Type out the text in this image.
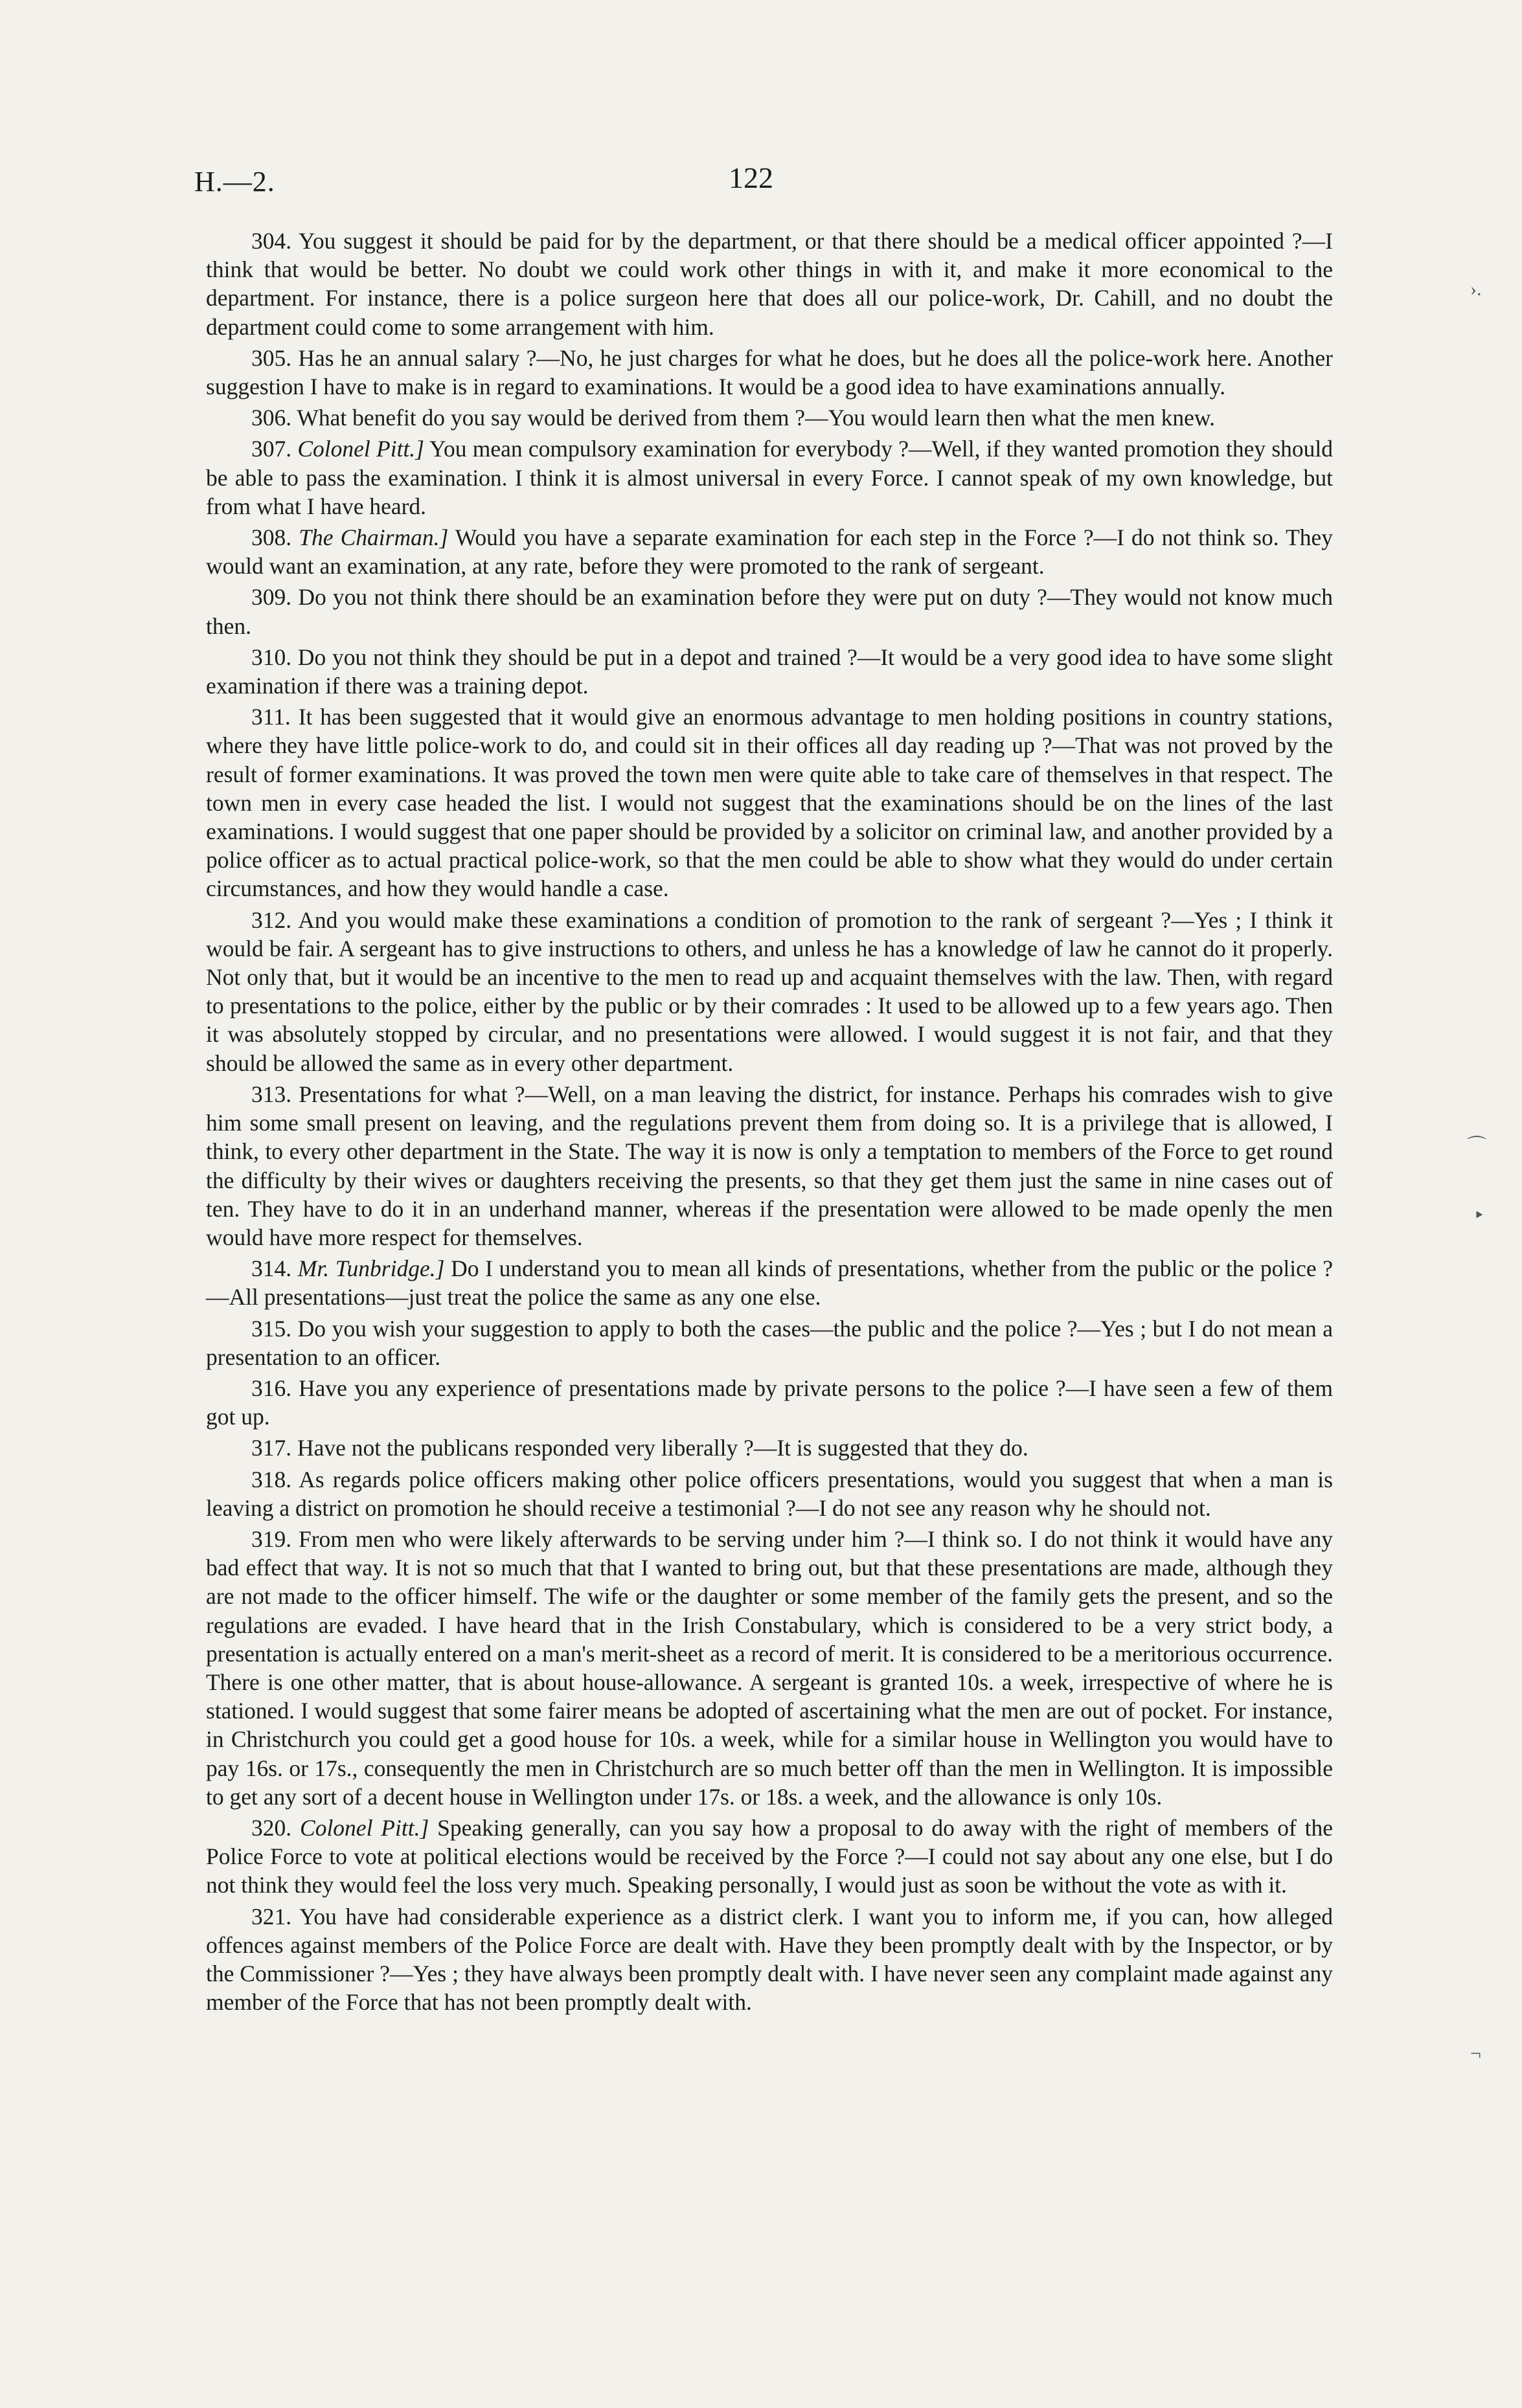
H.—2.	122

304. You suggest it should be paid for by the department, or that there should be a medical officer appointed ?—I think that would be better. No doubt we could work other things in with it, and make it more economical to the department. For instance, there is a police surgeon here that does all our police-work, Dr. Cahill, and no doubt the department could come to some arrangement with him.

305. Has he an annual salary ?—No, he just charges for what he does, but he does all the police-work here. Another suggestion I have to make is in regard to examinations. It would be a good idea to have examinations annually.

306. What benefit do you say would be derived from them ?—You would learn then what the men knew.

307. Colonel Pitt.] You mean compulsory examination for everybody ?—Well, if they wanted promotion they should be able to pass the examination. I think it is almost universal in every Force. I cannot speak of my own knowledge, but from what I have heard.

308. The Chairman.] Would you have a separate examination for each step in the Force ?—I do not think so. They would want an examination, at any rate, before they were promoted to the rank of sergeant.

309. Do you not think there should be an examination before they were put on duty ?—They would not know much then.

310. Do you not think they should be put in a depot and trained ?—It would be a very good idea to have some slight examination if there was a training depot.

311. It has been suggested that it would give an enormous advantage to men holding positions in country stations, where they have little police-work to do, and could sit in their offices all day reading up ?—That was not proved by the result of former examinations. It was proved the town men were quite able to take care of themselves in that respect. The town men in every case headed the list. I would not suggest that the examinations should be on the lines of the last examinations. I would suggest that one paper should be provided by a solicitor on criminal law, and another provided by a police officer as to actual practical police-work, so that the men could be able to show what they would do under certain circumstances, and how they would handle a case.

312. And you would make these examinations a condition of promotion to the rank of sergeant ?—Yes ; I think it would be fair. A sergeant has to give instructions to others, and unless he has a knowledge of law he cannot do it properly. Not only that, but it would be an incentive to the men to read up and acquaint themselves with the law. Then, with regard to presentations to the police, either by the public or by their comrades : It used to be allowed up to a few years ago. Then it was absolutely stopped by circular, and no presentations were allowed. I would suggest it is not fair, and that they should be allowed the same as in every other department.

313. Presentations for what ?—Well, on a man leaving the district, for instance. Perhaps his comrades wish to give him some small present on leaving, and the regulations prevent them from doing so. It is a privilege that is allowed, I think, to every other department in the State. The way it is now is only a temptation to members of the Force to get round the difficulty by their wives or daughters receiving the presents, so that they get them just the same in nine cases out of ten. They have to do it in an underhand manner, whereas if the presentation were allowed to be made openly the men would have more respect for themselves.

314. Mr. Tunbridge.] Do I understand you to mean all kinds of presentations, whether from the public or the police ?—All presentations—just treat the police the same as any one else.

315. Do you wish your suggestion to apply to both the cases—the public and the police ?—Yes ; but I do not mean a presentation to an officer.

316. Have you any experience of presentations made by private persons to the police ?—I have seen a few of them got up.

317. Have not the publicans responded very liberally ?—It is suggested that they do.

318. As regards police officers making other police officers presentations, would you suggest that when a man is leaving a district on promotion he should receive a testimonial ?—I do not see any reason why he should not.

319. From men who were likely afterwards to be serving under him ?—I think so. I do not think it would have any bad effect that way. It is not so much that that I wanted to bring out, but that these presentations are made, although they are not made to the officer himself. The wife or the daughter or some member of the family gets the present, and so the regulations are evaded. I have heard that in the Irish Constabulary, which is considered to be a very strict body, a presentation is actually entered on a man's merit-sheet as a record of merit. It is considered to be a meritorious occurrence. There is one other matter, that is about house-allowance. A sergeant is granted 10s. a week, irrespective of where he is stationed. I would suggest that some fairer means be adopted of ascertaining what the men are out of pocket. For instance, in Christchurch you could get a good house for 10s. a week, while for a similar house in Wellington you would have to pay 16s. or 17s., consequently the men in Christchurch are so much better off than the men in Wellington. It is impossible to get any sort of a decent house in Wellington under 17s. or 18s. a week, and the allowance is only 10s.

320. Colonel Pitt.] Speaking generally, can you say how a proposal to do away with the right of members of the Police Force to vote at political elections would be received by the Force ?—I could not say about any one else, but I do not think they would feel the loss very much. Speaking personally, I would just as soon be without the vote as with it.

321. You have had considerable experience as a district clerk. I want you to inform me, if you can, how alleged offences against members of the Police Force are dealt with. Have they been promptly dealt with by the Inspector, or by the Commissioner ?—Yes ; they have always been promptly dealt with. I have never seen any complaint made against any member of the Force that has not been promptly dealt with.

›.
⌒
‣
¬
